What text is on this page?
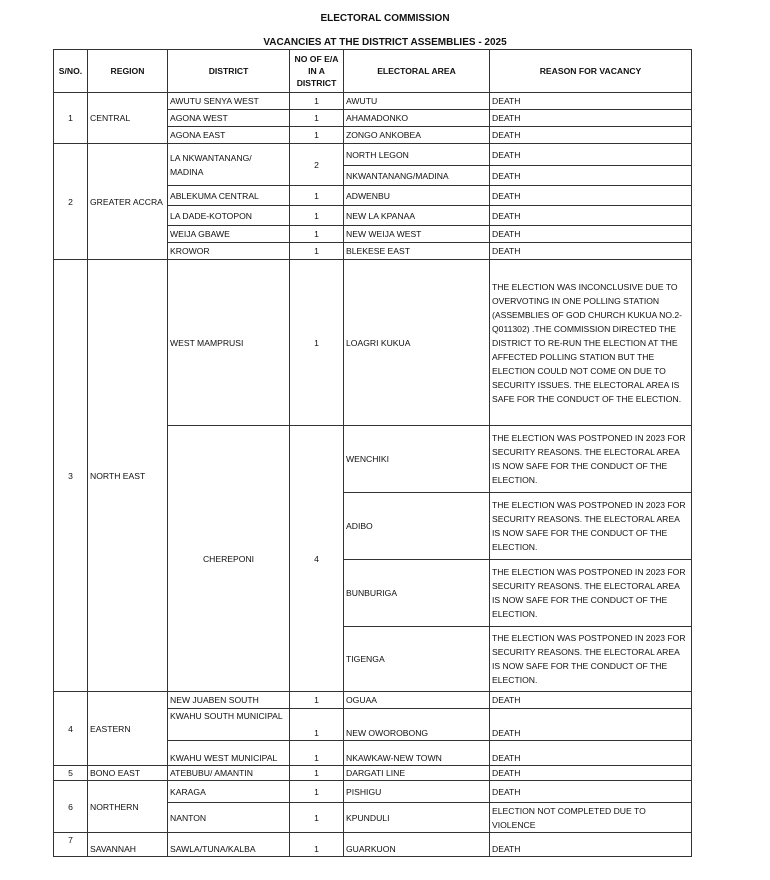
ELECTORAL COMMISSION
VACANCIES AT THE DISTRICT ASSEMBLIES - 2025
S/NO.	REGION	DISTRICT	NO OF E/A IN A DISTRICT	ELECTORAL AREA	REASON FOR VACANCY
1	CENTRAL	AWUTU SENYA WEST	1	AWUTU	DEATH
		AGONA WEST	1	AHAMADONKO	DEATH
		AGONA EAST	1	ZONGO ANKOBEA	DEATH
2	GREATER ACCRA	LA NKWANTANANG/ MADINA	2	NORTH LEGON	DEATH
				NKWANTANANG/MADINA	DEATH
		ABLEKUMA CENTRAL	1	ADWENBU	DEATH
		LA DADE-KOTOPON	1	NEW LA KPANAA	DEATH
		WEIJA GBAWE	1	NEW WEIJA WEST	DEATH
		KROWOR	1	BLEKESE EAST	DEATH
3	NORTH EAST	WEST MAMPRUSI	1	LOAGRI KUKUA	THE ELECTION WAS INCONCLUSIVE DUE TO OVERVOTING IN ONE POLLING STATION (ASSEMBLIES OF GOD CHURCH KUKUA NO.2- Q011302) .THE COMMISSION DIRECTED THE DISTRICT TO RE-RUN THE ELECTION AT THE AFFECTED POLLING STATION BUT THE ELECTION COULD NOT COME ON DUE TO SECURITY ISSUES. THE ELECTORAL AREA IS SAFE FOR THE CONDUCT OF THE ELECTION.
		CHEREPONI	4	WENCHIKI	THE ELECTION WAS POSTPONED IN 2023 FOR SECURITY REASONS. THE ELECTORAL AREA IS NOW SAFE FOR THE CONDUCT OF THE ELECTION.
				ADIBO	THE ELECTION WAS POSTPONED IN 2023 FOR SECURITY REASONS. THE ELECTORAL AREA IS NOW SAFE FOR THE CONDUCT OF THE ELECTION.
				BUNBURIGA	THE ELECTION WAS POSTPONED IN 2023 FOR SECURITY REASONS. THE ELECTORAL AREA IS NOW SAFE FOR THE CONDUCT OF THE ELECTION.
				TIGENGA	THE ELECTION WAS POSTPONED IN 2023 FOR SECURITY REASONS. THE ELECTORAL AREA IS NOW SAFE FOR THE CONDUCT OF THE ELECTION.
4	EASTERN	NEW JUABEN SOUTH	1	OGUAA	DEATH
		KWAHU SOUTH MUNICIPAL	1	NEW OWOROBONG	DEATH
		KWAHU WEST MUNICIPAL	1	NKAWKAW-NEW TOWN	DEATH
5	BONO EAST	ATEBUBU/ AMANTIN	1	DARGATI LINE	DEATH
6	NORTHERN	KARAGA	1	PISHIGU	DEATH
		NANTON	1	KPUNDULI	ELECTION NOT COMPLETED DUE TO VIOLENCE
7	SAVANNAH	SAWLA/TUNA/KALBA	1	GUARKUON	DEATH
